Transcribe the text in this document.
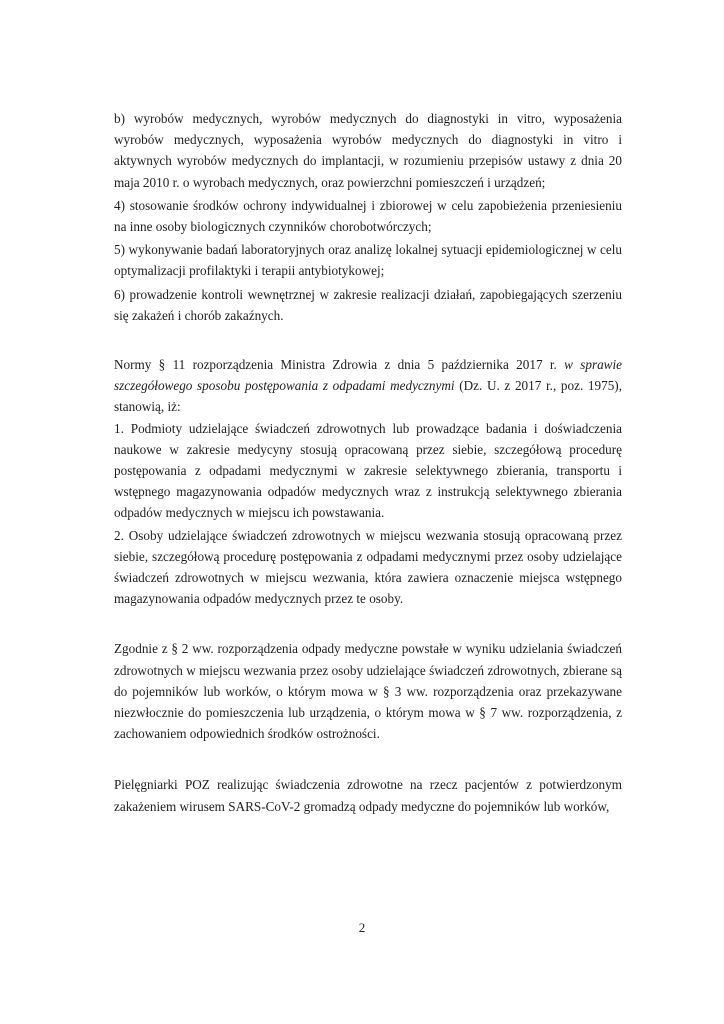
b) wyrobów medycznych, wyrobów medycznych do diagnostyki in vitro, wyposażenia wyrobów medycznych, wyposażenia wyrobów medycznych do diagnostyki in vitro i aktywnych wyrobów medycznych do implantacji, w rozumieniu przepisów ustawy z dnia 20 maja 2010 r. o wyrobach medycznych, oraz powierzchni pomieszczeń i urządzeń;

4) stosowanie środków ochrony indywidualnej i zbiorowej w celu zapobieżenia przeniesieniu na inne osoby biologicznych czynników chorobotwórczych;

5) wykonywanie badań laboratoryjnych oraz analizę lokalnej sytuacji epidemiologicznej w celu optymalizacji profilaktyki i terapii antybiotykowej;

6) prowadzenie kontroli wewnętrznej w zakresie realizacji działań, zapobiegających szerzeniu się zakażeń i chorób zakaźnych.

Normy § 11 rozporządzenia Ministra Zdrowia z dnia 5 października 2017 r. w sprawie szczegółowego sposobu postępowania z odpadami medycznymi (Dz. U. z 2017 r., poz. 1975), stanowią, iż:

1. Podmioty udzielające świadczeń zdrowotnych lub prowadzące badania i doświadczenia naukowe w zakresie medycyny stosują opracowaną przez siebie, szczegółową procedurę postępowania z odpadami medycznymi w zakresie selektywnego zbierania, transportu i wstępnego magazynowania odpadów medycznych wraz z instrukcją selektywnego zbierania odpadów medycznych w miejscu ich powstawania.

2. Osoby udzielające świadczeń zdrowotnych w miejscu wezwania stosują opracowaną przez siebie, szczegółową procedurę postępowania z odpadami medycznymi przez osoby udzielające świadczeń zdrowotnych w miejscu wezwania, która zawiera oznaczenie miejsca wstępnego magazynowania odpadów medycznych przez te osoby.

Zgodnie z § 2 ww. rozporządzenia odpady medyczne powstałe w wyniku udzielania świadczeń zdrowotnych w miejscu wezwania przez osoby udzielające świadczeń zdrowotnych, zbierane są do pojemników lub worków, o którym mowa w § 3 ww. rozporządzenia oraz przekazywane niezwłocznie do pomieszczenia lub urządzenia, o którym mowa w § 7 ww. rozporządzenia, z zachowaniem odpowiednich środków ostrożności.

Pielęgniarki POZ realizując świadczenia zdrowotne na rzecz pacjentów z potwierdzonym zakażeniem wirusem SARS-CoV-2 gromadzą odpady medyczne do pojemników lub worków,

2
